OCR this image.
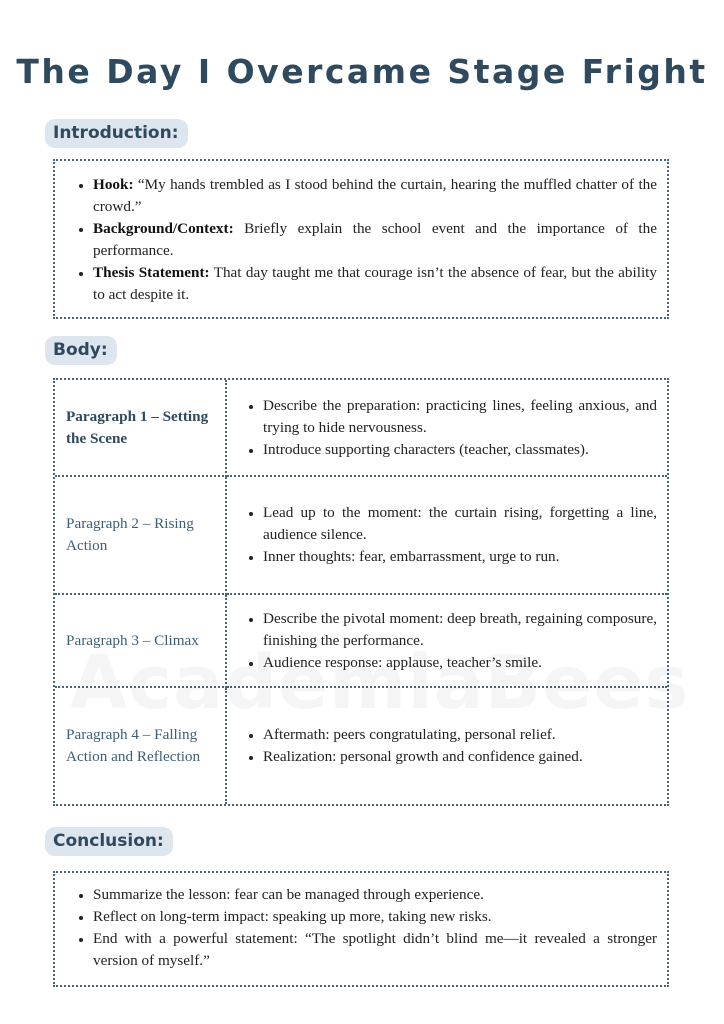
The Day I Overcame Stage Fright
Introduction:
• Hook: “My hands trembled as I stood behind the curtain, hearing the muffled chatter of the crowd.”
• Background/Context: Briefly explain the school event and the importance of the performance.
• Thesis Statement: That day taught me that courage isn’t the absence of fear, but the ability to act despite it.
Body:
Paragraph 1 – Setting the Scene
• Describe the preparation: practicing lines, feeling anxious, and trying to hide nervousness.
• Introduce supporting characters (teacher, classmates).
Paragraph 2 – Rising Action
• Lead up to the moment: the curtain rising, forgetting a line, audience silence.
• Inner thoughts: fear, embarrassment, urge to run.
Paragraph 3 – Climax
• Describe the pivotal moment: deep breath, regaining composure, finishing the performance.
• Audience response: applause, teacher’s smile.
Paragraph 4 – Falling Action and Reflection
• Aftermath: peers congratulating, personal relief.
• Realization: personal growth and confidence gained.
Conclusion:
• Summarize the lesson: fear can be managed through experience.
• Reflect on long-term impact: speaking up more, taking new risks.
• End with a powerful statement: “The spotlight didn’t blind me—it revealed a stronger version of myself.”
